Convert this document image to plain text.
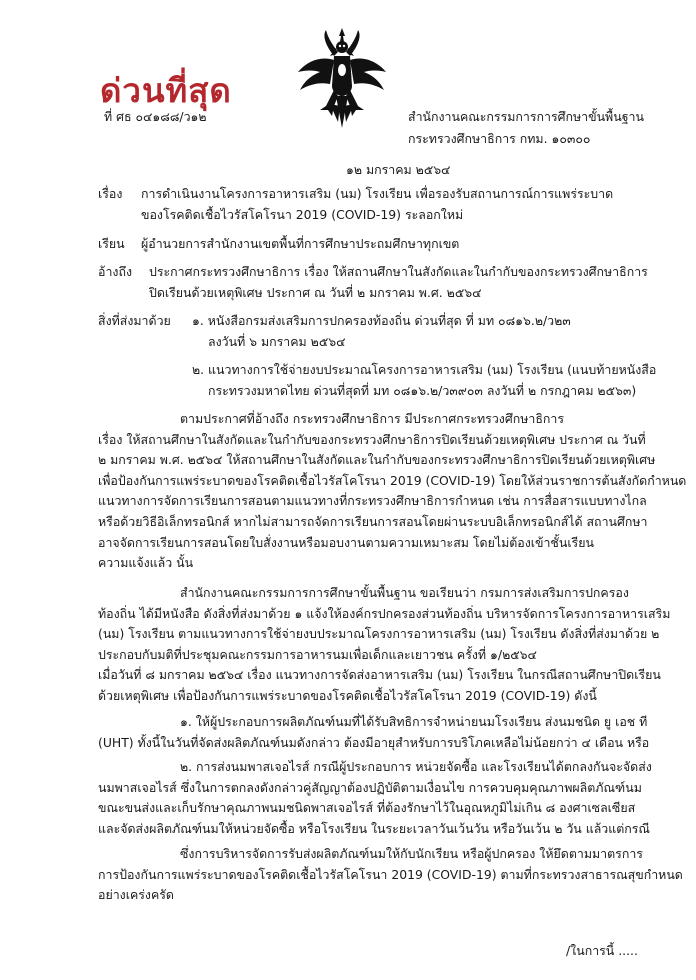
ด่วนที่สุด
ที่ ศธ ๐๔๑๘๘/ว๑๒	สำนักงานคณะกรรมการการศึกษาขั้นพื้นฐาน
กระทรวงศึกษาธิการ กทม. ๑๐๓๐๐
๑๒ มกราคม ๒๕๖๔
เรื่อง การดำเนินงานโครงการอาหารเสริม (นม) โรงเรียน เพื่อรองรับสถานการณ์การแพร่ระบาด
ของโรคติดเชื้อไวรัสโคโรนา 2019 (COVID-19) ระลอกใหม่
เรียน ผู้อำนวยการสำนักงานเขตพื้นที่การศึกษาประถมศึกษาทุกเขต
อ้างถึง ประกาศกระทรวงศึกษาธิการ เรื่อง ให้สถานศึกษาในสังกัดและในกำกับของกระทรวงศึกษาธิการ
ปิดเรียนด้วยเหตุพิเศษ ประกาศ ณ วันที่ ๒ มกราคม พ.ศ. ๒๕๖๔
สิ่งที่ส่งมาด้วย ๑. หนังสือกรมส่งเสริมการปกครองท้องถิ่น ด่วนที่สุด ที่ มท ๐๘๑๖.๒/ว๒๓
ลงวันที่ ๖ มกราคม ๒๕๖๔
๒. แนวทางการใช้จ่ายงบประมาณโครงการอาหารเสริม (นม) โรงเรียน (แนบท้ายหนังสือ
กระทรวงมหาดไทย ด่วนที่สุดที่ มท ๐๘๑๖.๒/ว๓๙๐๓ ลงวันที่ ๒ กรกฎาคม ๒๕๖๓)
ตามประกาศที่อ้างถึง กระทรวงศึกษาธิการ มีประกาศกระทรวงศึกษาธิการ
เรื่อง ให้สถานศึกษาในสังกัดและในกำกับของกระทรวงศึกษาธิการปิดเรียนด้วยเหตุพิเศษ ประกาศ ณ วันที่
๒ มกราคม พ.ศ. ๒๕๖๔ ให้สถานศึกษาในสังกัดและในกำกับของกระทรวงศึกษาธิการปิดเรียนด้วยเหตุพิเศษ
เพื่อป้องกันการแพร่ระบาดของโรคติดเชื้อไวรัสโคโรนา 2019 (COVID-19) โดยให้ส่วนราชการต้นสังกัดกำหนด
แนวทางการจัดการเรียนการสอนตามแนวทางที่กระทรวงศึกษาธิการกำหนด เช่น การสื่อสารแบบทางไกล
หรือด้วยวิธีอิเล็กทรอนิกส์ หากไม่สามารถจัดการเรียนการสอนโดยผ่านระบบอิเล็กทรอนิกส์ได้ สถานศึกษา
อาจจัดการเรียนการสอนโดยใบสั่งงานหรือมอบงานตามความเหมาะสม โดยไม่ต้องเข้าชั้นเรียน
ความแจ้งแล้ว นั้น
สำนักงานคณะกรรมการการศึกษาขั้นพื้นฐาน ขอเรียนว่า กรมการส่งเสริมการปกครอง
ท้องถิ่น ได้มีหนังสือ ดังสิ่งที่ส่งมาด้วย ๑ แจ้งให้องค์กรปกครองส่วนท้องถิ่น บริหารจัดการโครงการอาหารเสริม
(นม) โรงเรียน ตามแนวทางการใช้จ่ายงบประมาณโครงการอาหารเสริม (นม) โรงเรียน ดังสิ่งที่ส่งมาด้วย ๒
ประกอบกับมติที่ประชุมคณะกรรมการอาหารนมเพื่อเด็กและเยาวชน ครั้งที่ ๑/๒๕๖๔
เมื่อวันที่ ๘ มกราคม ๒๕๖๔ เรื่อง แนวทางการจัดส่งอาหารเสริม (นม) โรงเรียน ในกรณีสถานศึกษาปิดเรียน
ด้วยเหตุพิเศษ เพื่อป้องกันการแพร่ระบาดของโรคติดเชื้อไวรัสโคโรนา 2019 (COVID-19) ดังนี้
๑. ให้ผู้ประกอบการผลิตภัณฑ์นมที่ได้รับสิทธิการจำหน่ายนมโรงเรียน ส่งนมชนิด ยู เอช ที
(UHT) ทั้งนี้ในวันที่จัดส่งผลิตภัณฑ์นมดังกล่าว ต้องมีอายุสำหรับการบริโภคเหลือไม่น้อยกว่า ๔ เดือน หรือ
๒. การส่งนมพาสเจอไรส์ กรณีผู้ประกอบการ หน่วยจัดซื้อ และโรงเรียนได้ตกลงกันจะจัดส่ง
นมพาสเจอไรส์ ซึ่งในการตกลงดังกล่าวคู่สัญญาต้องปฏิบัติตามเงื่อนไข การควบคุมคุณภาพผลิตภัณฑ์นม
ขณะขนส่งและเก็บรักษาคุณภาพนมชนิดพาสเจอไรส์ ที่ต้องรักษาไว้ในอุณหภูมิไม่เกิน ๘ องศาเซลเซียส
และจัดส่งผลิตภัณฑ์นมให้หน่วยจัดซื้อ หรือโรงเรียน ในระยะเวลาวันเว้นวัน หรือวันเว้น ๒ วัน แล้วแต่กรณี
ซึ่งการบริหารจัดการรับส่งผลิตภัณฑ์นมให้กับนักเรียน หรือผู้ปกครอง ให้ยึดตามมาตรการ
การป้องกันการแพร่ระบาดของโรคติดเชื้อไวรัสโคโรนา 2019 (COVID-19) ตามที่กระทรวงสาธารณสุขกำหนด
อย่างเคร่งครัด
/ในการนี้ .....
